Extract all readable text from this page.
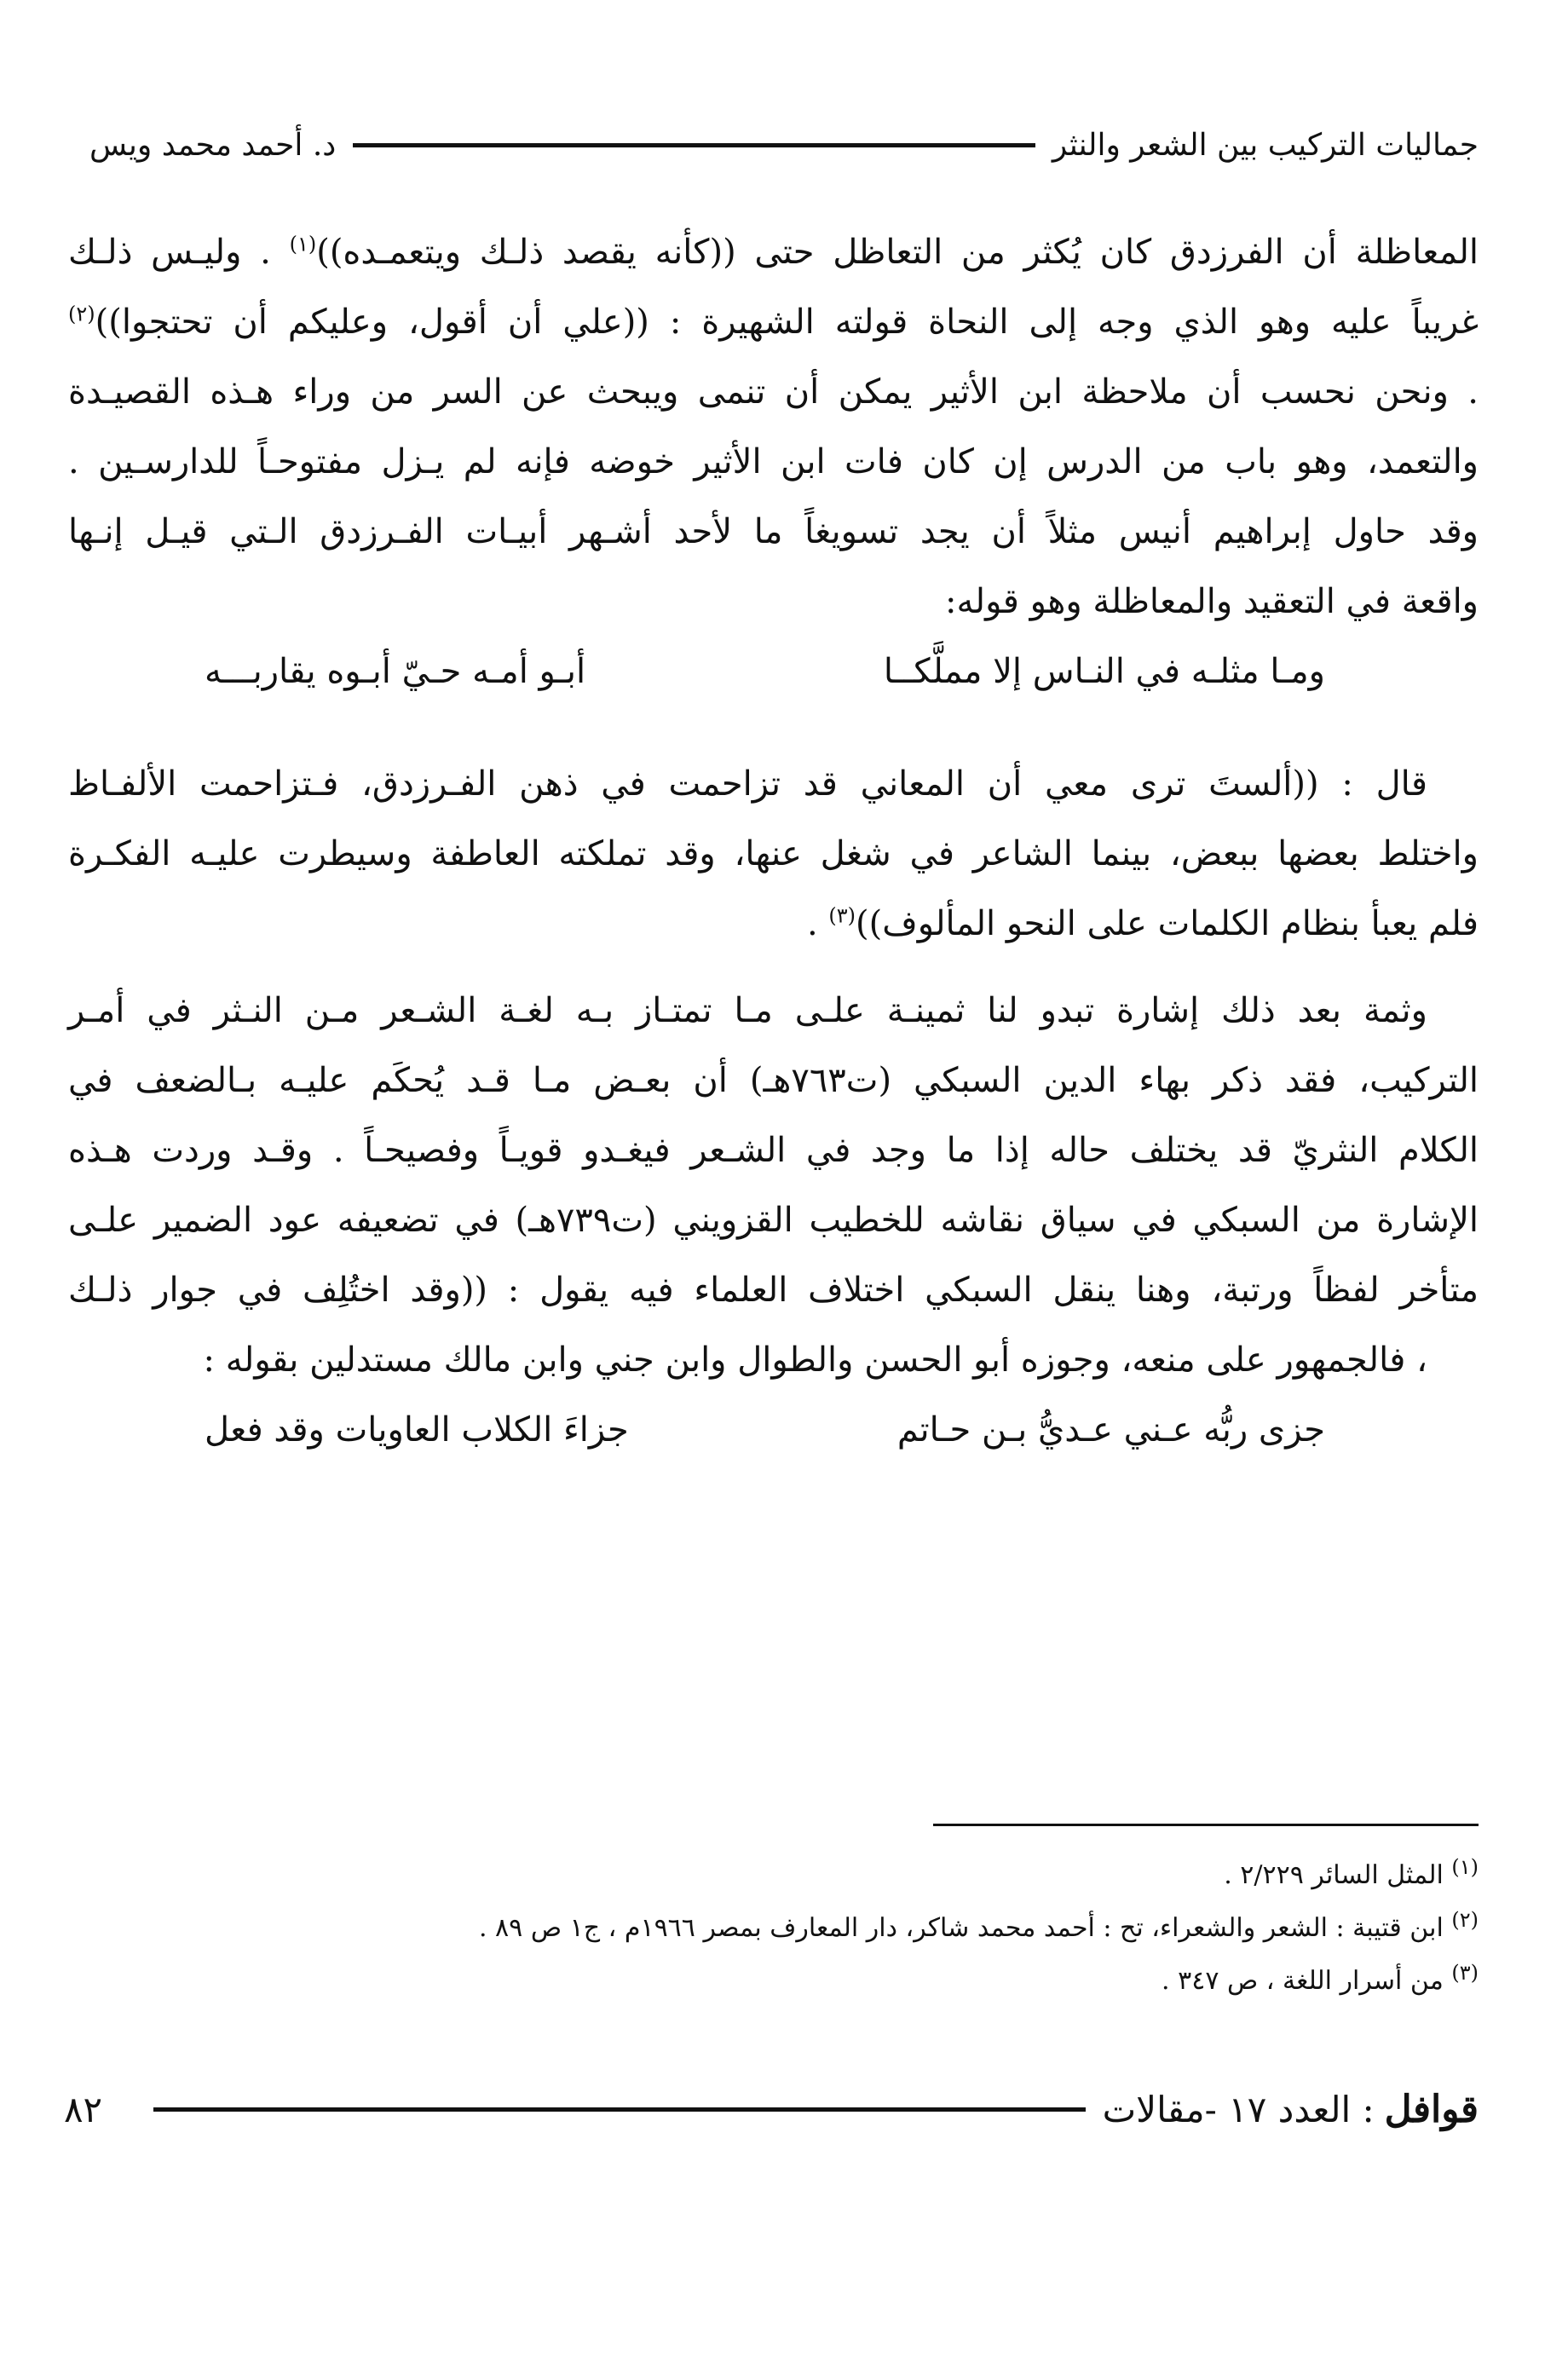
جماليات التركيب بين الشعر والنثر
د. أحمد محمد ويس
المعاظلة أن الفرزدق كان يُكثر من التعاظل حتى ((كأنه يقصد ذلـك ويتعمـده))$^{(١)}$ . وليـس ذلـك
غريباً عليه وهو الذي وجه إلى النحاة قولته الشهيرة : ((علي أن أقول، وعليكم أن تحتجوا))$^{(٢)}$
. ونحن نحسب أن ملاحظة ابن الأثير يمكن أن تنمى ويبحث عن السر من وراء هـذه القصيـدة
والتعمد، وهو باب من الدرس إن كان فات ابن الأثير خوضه فإنه لم يـزل مفتوحـاً للدارسـين .
وقد حاول إبراهيم أنيس مثلاً أن يجد تسويغاً ما لأحد أشـهر أبيـات الفـرزدق الـتي قيـل إنـها
واقعة في التعقيد والمعاظلة وهو قوله:
ومـا مثلـه في النـاس إلا مملَّكــا
أبـو أمـه حـيّ أبـوه يقاربـــه
قال : ((ألستَ ترى معي أن المعاني قد تزاحمت في ذهن الفـرزدق، فـتزاحمت الألفـاظ
واختلط بعضها ببعض، بينما الشاعر في شغل عنها، وقد تملكته العاطفة وسيطرت عليـه الفكـرة
فلم يعبأ بنظام الكلمات على النحو المألوف))$^{(٣)}$ .
وثمة بعد ذلك إشارة تبدو لنا ثمينـة علـى مـا تمتـاز بـه لغـة الشـعر مـن النـثر في أمـر
التركيب، فقد ذكر بهاء الدين السبكي (ت٧٦٣هـ) أن بعـض مـا قـد يُحكَم عليـه بـالضعف في
الكلام النثريّ قد يختلف حاله إذا ما وجد في الشـعر فيغـدو قويـاً وفصيحـاً . وقـد وردت هـذه
الإشارة من السبكي في سياق نقاشه للخطيب القزويني (ت٧٣٩هـ) في تضعيفه عود الضمير علـى
متأخر لفظاً ورتبة، وهنا ينقل السبكي اختلاف العلماء فيه يقول : ((وقد اختُلِف في جوار ذلـك
، فالجمهور على منعه، وجوزه أبو الحسن والطوال وابن جني وابن مالك مستدلين بقوله :
جزى ربُّه عـني عـديُّ بـن حـاتم
جزاءَ الكلاب العاويات وقد فعل

$^{(١)}$ المثل السائر ٢/٢٢٩ .

$^{(٢)}$ ابن قتيبة : الشعر والشعراء، تح : أحمد محمد شاكر، دار المعارف بمصر ١٩٦٦م ، ج١ ص ٨٩ .

$^{(٣)}$ من أسرار اللغة ، ص ٣٤٧ .

قوافل
: العدد ١٧ -مقالات
٨٢
